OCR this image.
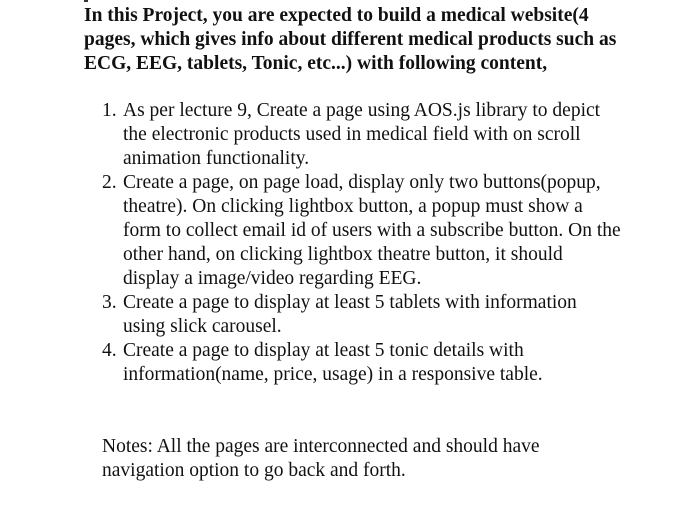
In this Project, you are expected to build a medical website(4 pages, which gives info about different medical products such as ECG, EEG, tablets, Tonic, etc...) with following content,

1. As per lecture 9, Create a page using AOS.js library to depict the electronic products used in medical field with on scroll animation functionality.
2. Create a page, on page load, display only two buttons(popup, theatre). On clicking lightbox button, a popup must show a form to collect email id of users with a subscribe button. On the other hand, on clicking lightbox theatre button, it should display a image/video regarding EEG.
3. Create a page to display at least 5 tablets with information using slick carousel.
4. Create a page to display at least 5 tonic details with information(name, price, usage) in a responsive table.

Notes: All the pages are interconnected and should have navigation option to go back and forth.
